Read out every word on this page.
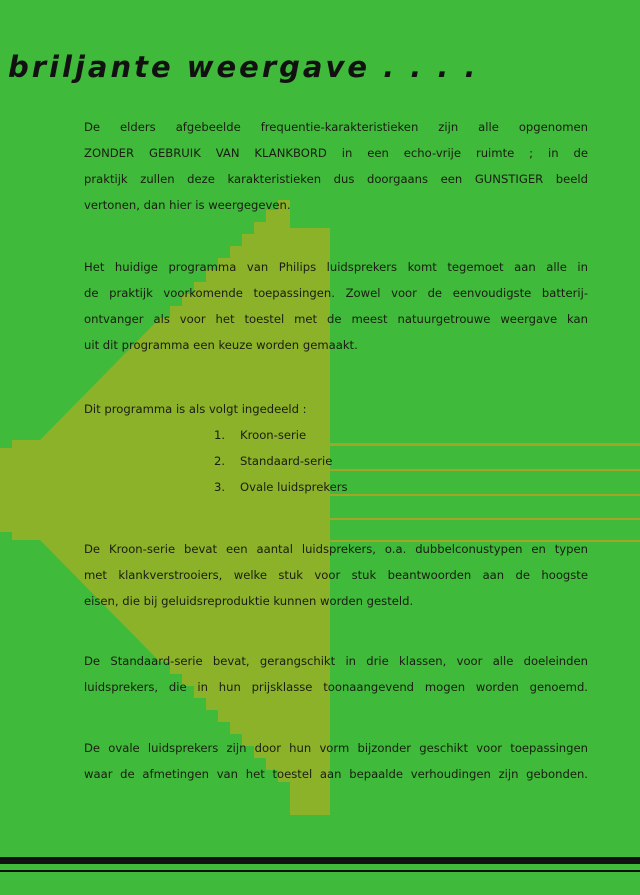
briljante weergave . . . .

De elders afgebeelde frequentie-karakteristieken zijn alle opgenomen
ZONDER GEBRUIK VAN KLANKBORD in een echo-vrije ruimte ; in de
praktijk zullen deze karakteristieken dus doorgaans een GUNSTIGER beeld
vertonen, dan hier is weergegeven.

Het huidige programma van Philips luidsprekers komt tegemoet aan alle in
de praktijk voorkomende toepassingen. Zowel voor de eenvoudigste batterij-
ontvanger als voor het toestel met de meest natuurgetrouwe weergave kan
uit dit programma een keuze worden gemaakt.

Dit programma is als volgt ingedeeld :

1. Kroon-serie
2. Standaard-serie
3. Ovale luidsprekers

De Kroon-serie bevat een aantal luidsprekers, o.a. dubbelconustypen en typen
met klankverstrooiers, welke stuk voor stuk beantwoorden aan de hoogste
eisen, die bij geluidsreproduktie kunnen worden gesteld.

De Standaard-serie bevat, gerangschikt in drie klassen, voor alle doeleinden
luidsprekers, die in hun prijsklasse toonaangevend mogen worden genoemd.

De ovale luidsprekers zijn door hun vorm bijzonder geschikt voor toepassingen
waar de afmetingen van het toestel aan bepaalde verhoudingen zijn gebonden.
